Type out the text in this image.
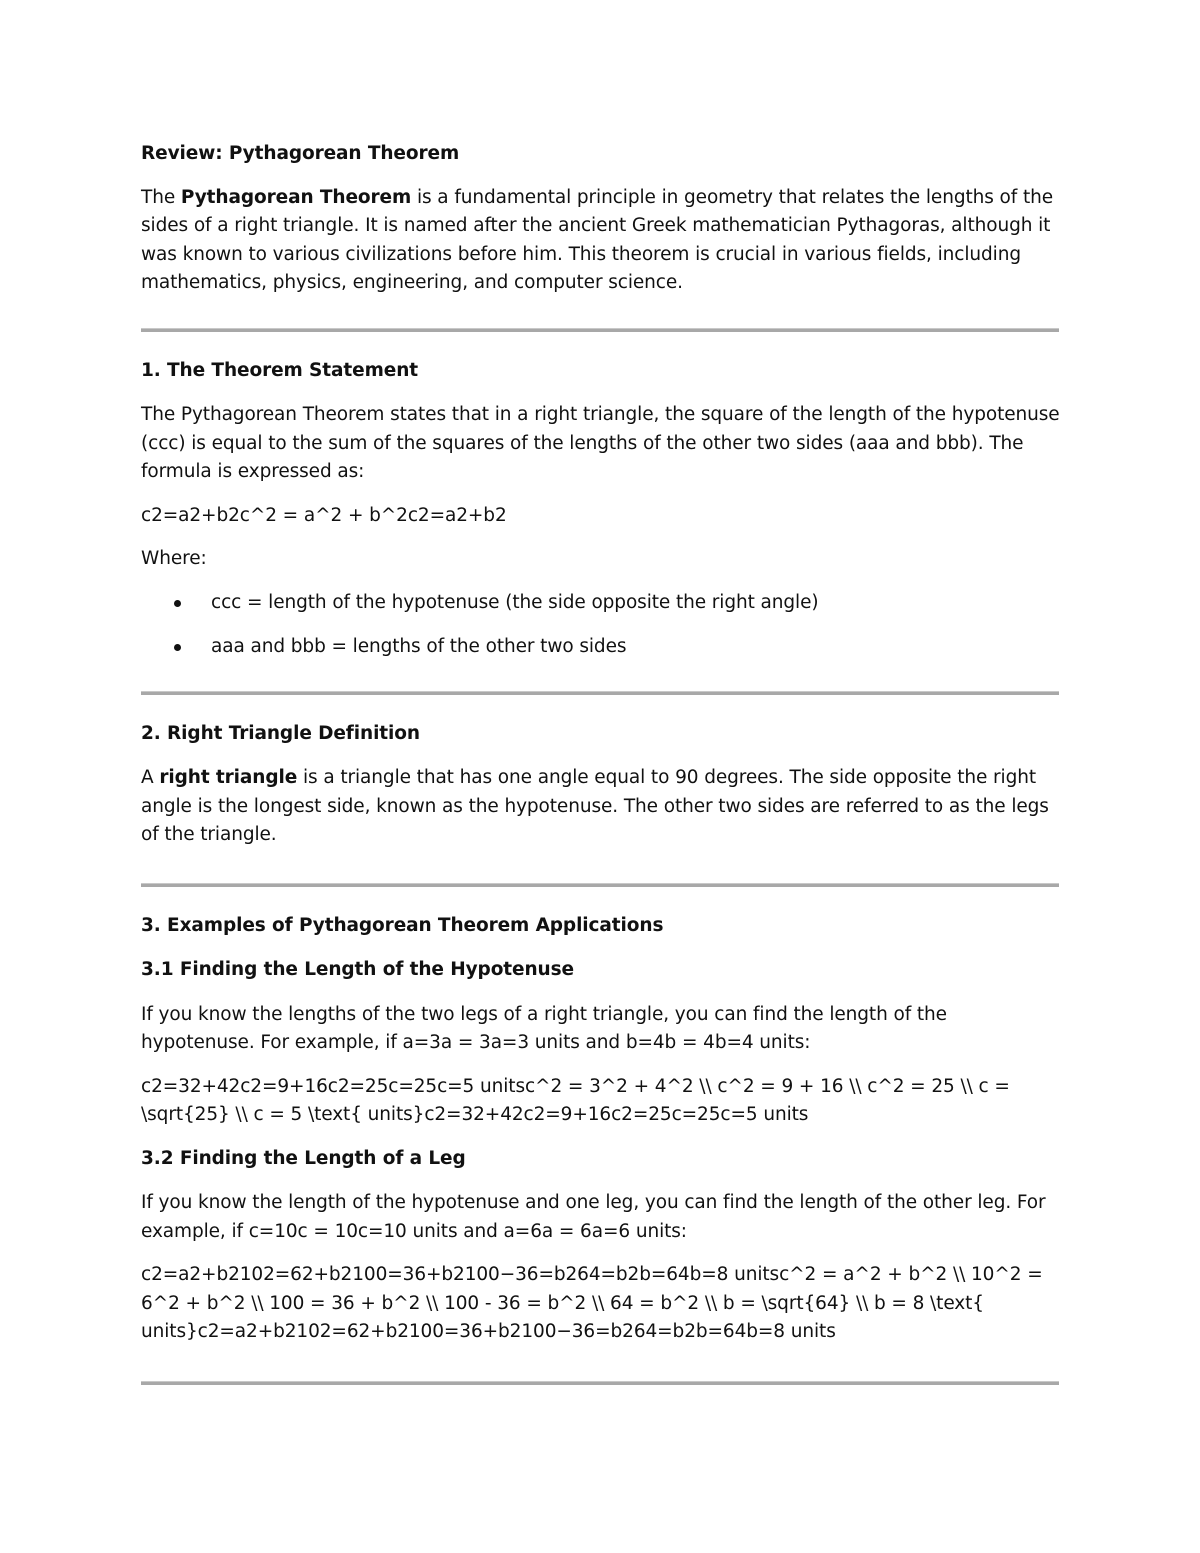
Review: Pythagorean Theorem

The Pythagorean Theorem is a fundamental principle in geometry that relates the lengths of the sides of a right triangle. It is named after the ancient Greek mathematician Pythagoras, although it was known to various civilizations before him. This theorem is crucial in various fields, including mathematics, physics, engineering, and computer science.

1. The Theorem Statement

The Pythagorean Theorem states that in a right triangle, the square of the length of the hypotenuse (ccc) is equal to the sum of the squares of the lengths of the other two sides (aaa and bbb). The formula is expressed as:

c2=a2+b2c^2 = a^2 + b^2c2=a2+b2

Where:

ccc = length of the hypotenuse (the side opposite the right angle)
aaa and bbb = lengths of the other two sides

2. Right Triangle Definition

A right triangle is a triangle that has one angle equal to 90 degrees. The side opposite the right angle is the longest side, known as the hypotenuse. The other two sides are referred to as the legs of the triangle.

3. Examples of Pythagorean Theorem Applications

3.1 Finding the Length of the Hypotenuse

If you know the lengths of the two legs of a right triangle, you can find the length of the hypotenuse. For example, if a=3a = 3a=3 units and b=4b = 4b=4 units:

c2=32+42c2=9+16c2=25c=25c=5 unitsc^2 = 3^2 + 4^2 \\ c^2 = 9 + 16 \\ c^2 = 25 \\ c = \sqrt{25} \\ c = 5 \text{ units}c2=32+42c2=9+16c2=25c=25c=5 units

3.2 Finding the Length of a Leg

If you know the length of the hypotenuse and one leg, you can find the length of the other leg. For example, if c=10c = 10c=10 units and a=6a = 6a=6 units:

c2=a2+b2102=62+b2100=36+b2100−36=b264=b2b=64b=8 unitsc^2 = a^2 + b^2 \\ 10^2 = 6^2 + b^2 \\ 100 = 36 + b^2 \\ 100 - 36 = b^2 \\ 64 = b^2 \\ b = \sqrt{64} \\ b = 8 \text{ units}c2=a2+b2102=62+b2100=36+b2100−36=b264=b2b=64b=8 units
